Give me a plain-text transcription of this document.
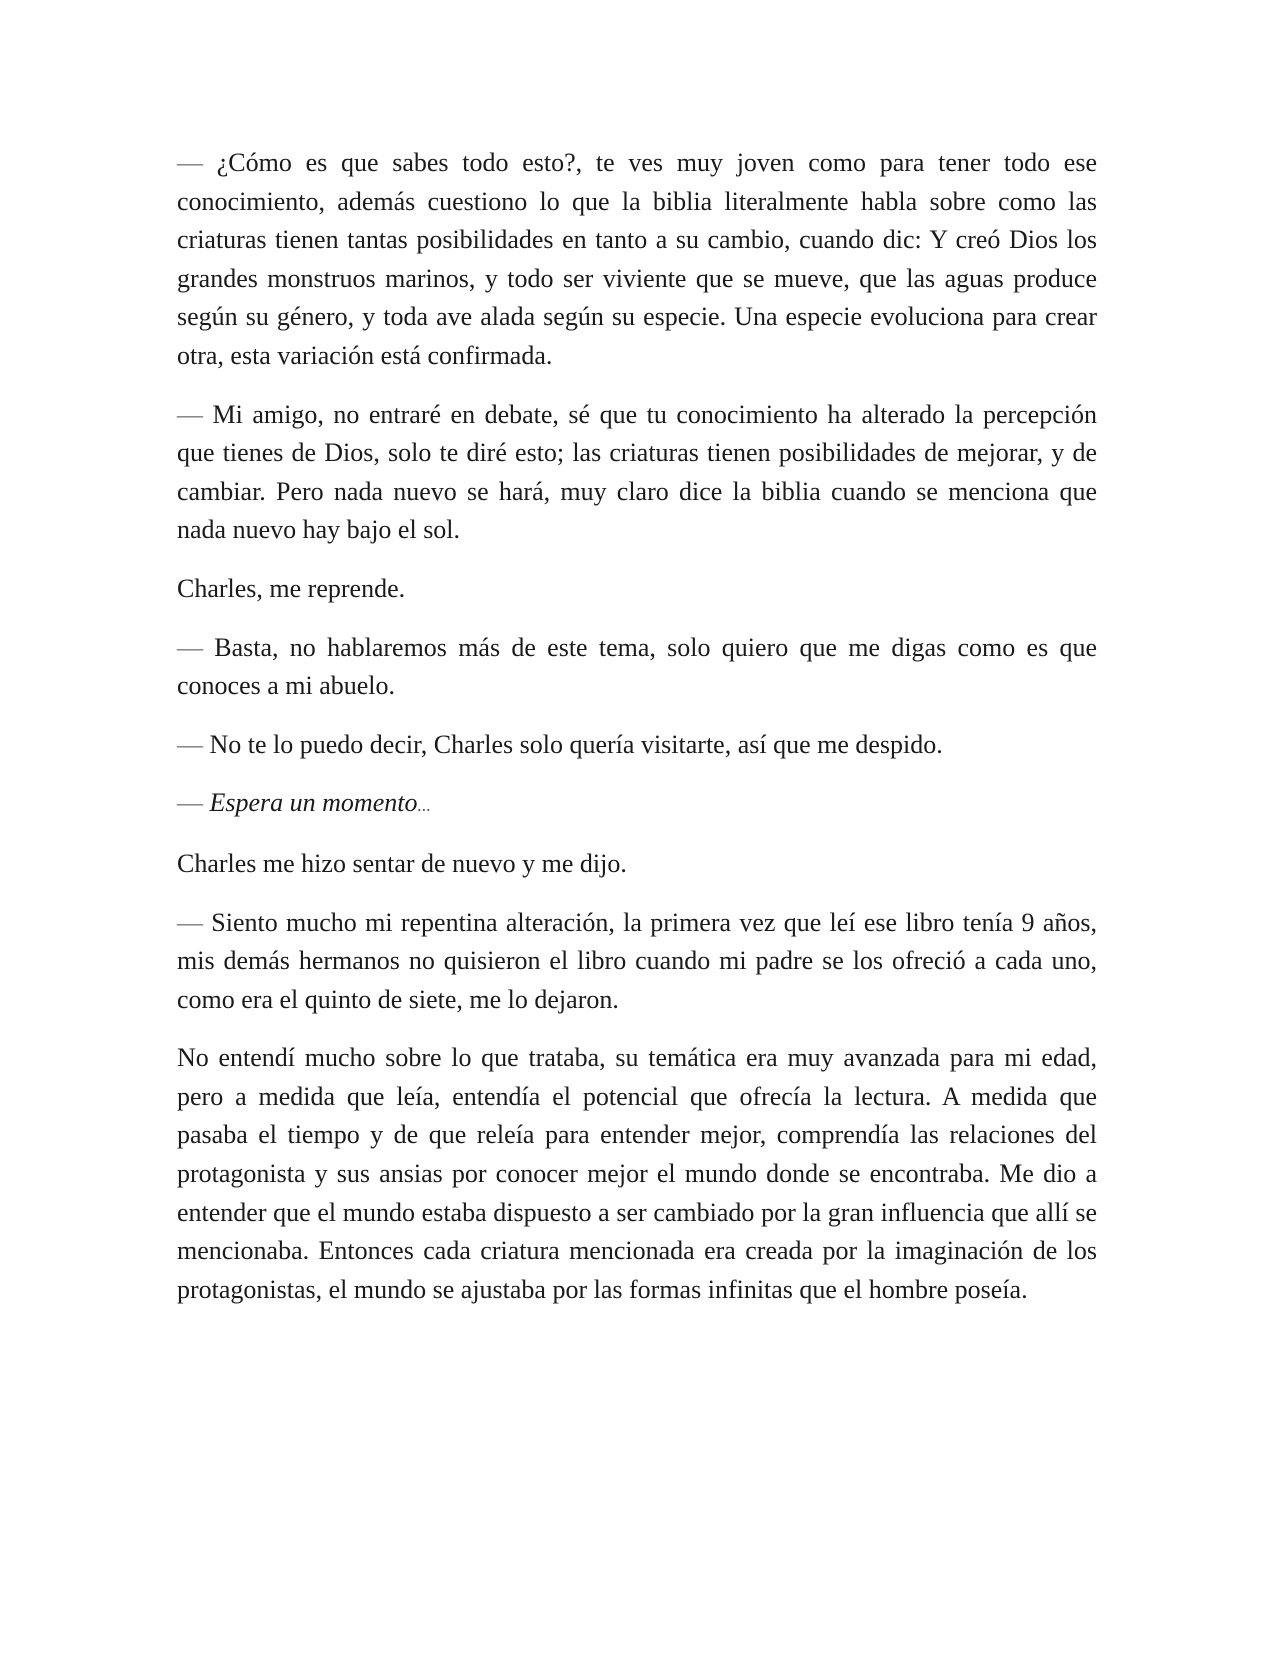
— ¿Cómo es que sabes todo esto?, te ves muy joven como para tener todo ese conocimiento, además cuestiono lo que la biblia literalmente habla sobre como las criaturas tienen tantas posibilidades en tanto a su cambio, cuando dic: Y creó Dios los grandes monstruos marinos, y todo ser viviente que se mueve, que las aguas produce según su género, y toda ave alada según su especie. Una especie evoluciona para crear otra, esta variación está confirmada.

— Mi amigo, no entraré en debate, sé que tu conocimiento ha alterado la percepción que tienes de Dios, solo te diré esto; las criaturas tienen posibilidades de mejorar, y de cambiar. Pero nada nuevo se hará, muy claro dice la biblia cuando se menciona que nada nuevo hay bajo el sol.

Charles, me reprende.

— Basta, no hablaremos más de este tema, solo quiero que me digas como es que conoces a mi abuelo.

— No te lo puedo decir, Charles solo quería visitarte, así que me despido.

— Espera un momento...

Charles me hizo sentar de nuevo y me dijo.

— Siento mucho mi repentina alteración, la primera vez que leí ese libro tenía 9 años, mis demás hermanos no quisieron el libro cuando mi padre se los ofreció a cada uno, como era el quinto de siete, me lo dejaron.

No entendí mucho sobre lo que trataba, su temática era muy avanzada para mi edad, pero a medida que leía, entendía el potencial que ofrecía la lectura. A medida que pasaba el tiempo y de que releía para entender mejor, comprendía las relaciones del protagonista y sus ansias por conocer mejor el mundo donde se encontraba. Me dio a entender que el mundo estaba dispuesto a ser cambiado por la gran influencia que allí se mencionaba. Entonces cada criatura mencionada era creada por la imaginación de los protagonistas, el mundo se ajustaba por las formas infinitas que el hombre poseía.
